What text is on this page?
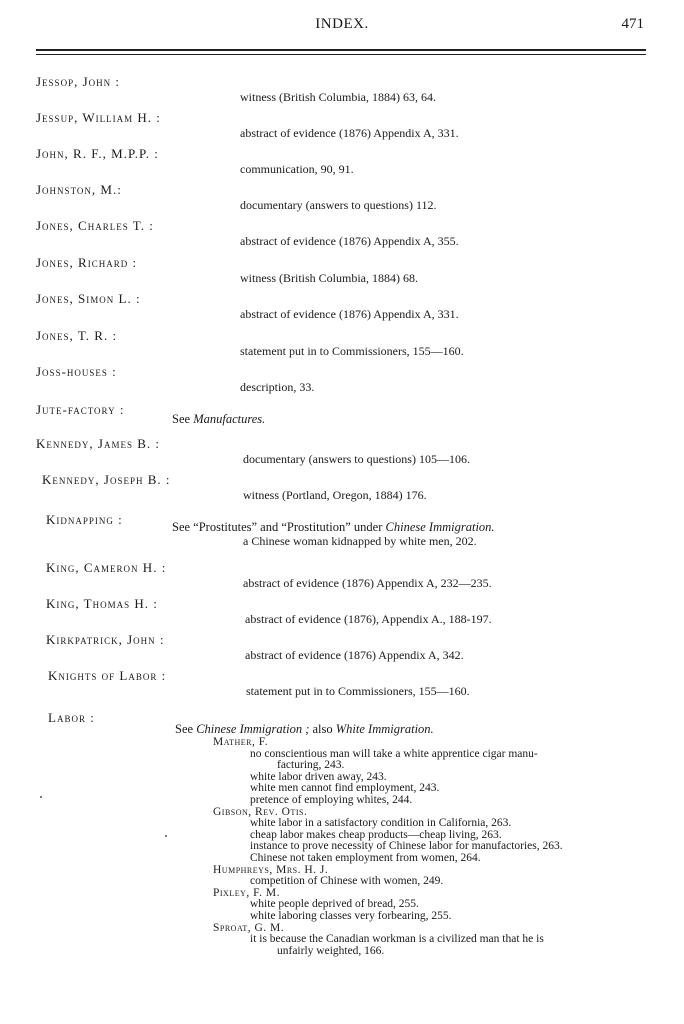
INDEX.	471
Jessop, John :
witness (British Columbia, 1884) 63, 64.
Jessup, William H. :
abstract of evidence (1876) Appendix A, 331.
John, R. F., M.P.P. :
communication, 90, 91.
Johnston, M.:
documentary (answers to questions) 112.
Jones, Charles T. :
abstract of evidence (1876) Appendix A, 355.
Jones, Richard :
witness (British Columbia, 1884) 68.
Jones, Simon L. :
abstract of evidence (1876) Appendix A, 331.
Jones, T. R. :
statement put in to Commissioners, 155—160.
Joss-houses :
description, 33.
Jute-factory :
See Manufactures.
Kennedy, James B. :
documentary (answers to questions) 105—106.
Kennedy, Joseph B. :
witness (Portland, Oregon, 1884) 176.
Kidnapping :	See “Prostitutes” and “Prostitution” under Chinese Immigration.
a Chinese woman kidnapped by white men, 202.
King, Cameron H. :
abstract of evidence (1876) Appendix A, 232—235.
King, Thomas H. :
abstract of evidence (1876), Appendix A., 188-197.
Kirkpatrick, John :
abstract of evidence (1876) Appendix A, 342.
Knights of Labor :
statement put in to Commissioners, 155—160.
Labor :
See Chinese Immigration ; also White Immigration.
Mather, F.
no conscientious man will take a white apprentice cigar manu-
facturing, 243.
white labor driven away, 243.
white men cannot find employment, 243.
pretence of employing whites, 244.
Gibson, Rev. Otis.
white labor in a satisfactory condition in California, 263.
cheap labor makes cheap products—cheap living, 263.
instance to prove necessity of Chinese labor for manufactories, 263.
Chinese not taken employment from women, 264.
Humphreys, Mrs. H. J.
competition of Chinese with women, 249.
Pixley, F. M.
white people deprived of bread, 255.
white laboring classes very forbearing, 255.
Sproat, G. M.
it is because the Canadian workman is a civilized man that he is
unfairly weighted, 166.
